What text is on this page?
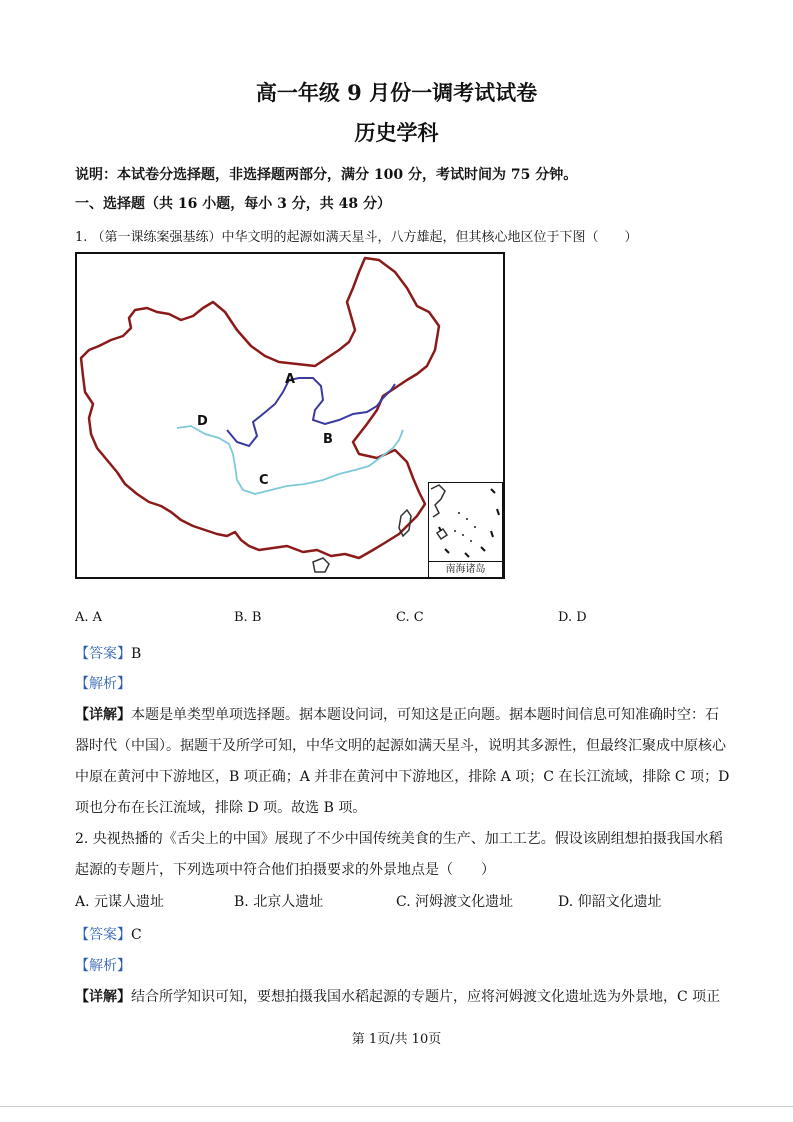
高一年级 9 月份一调考试试卷
历史学科
说明：本试卷分选择题，非选择题两部分，满分 100 分，考试时间为 75 分钟。
一、选择题（共 16 小题，每小 3 分，共 48 分）
1. （第一课练案强基练）中华文明的起源如满天星斗，八方雄起，但其核心地区位于下图（　　）
A
B
C
D
南海诸岛
A. A	B. B	C. C	D. D
【答案】B
【解析】
【详解】本题是单类型单项选择题。据本题设问词，可知这是正向题。据本题时间信息可知准确时空：石
器时代（中国）。据题干及所学可知，中华文明的起源如满天星斗，说明其多源性，但最终汇聚成中原核心
中原在黄河中下游地区，B 项正确；A 并非在黄河中下游地区，排除 A 项；C 在长江流域，排除 C 项；D
项也分布在长江流域，排除 D 项。故选 B 项。
2. 央视热播的《舌尖上的中国》展现了不少中国传统美食的生产、加工工艺。假设该剧组想拍摄我国水稻
起源的专题片，下列选项中符合他们拍摄要求的外景地点是（　　）
A. 元谋人遗址	B. 北京人遗址	C. 河姆渡文化遗址	D. 仰韶文化遗址
【答案】C
【解析】
【详解】结合所学知识可知，要想拍摄我国水稻起源的专题片，应将河姆渡文化遗址选为外景地，C 项正
第 1页/共 10页
